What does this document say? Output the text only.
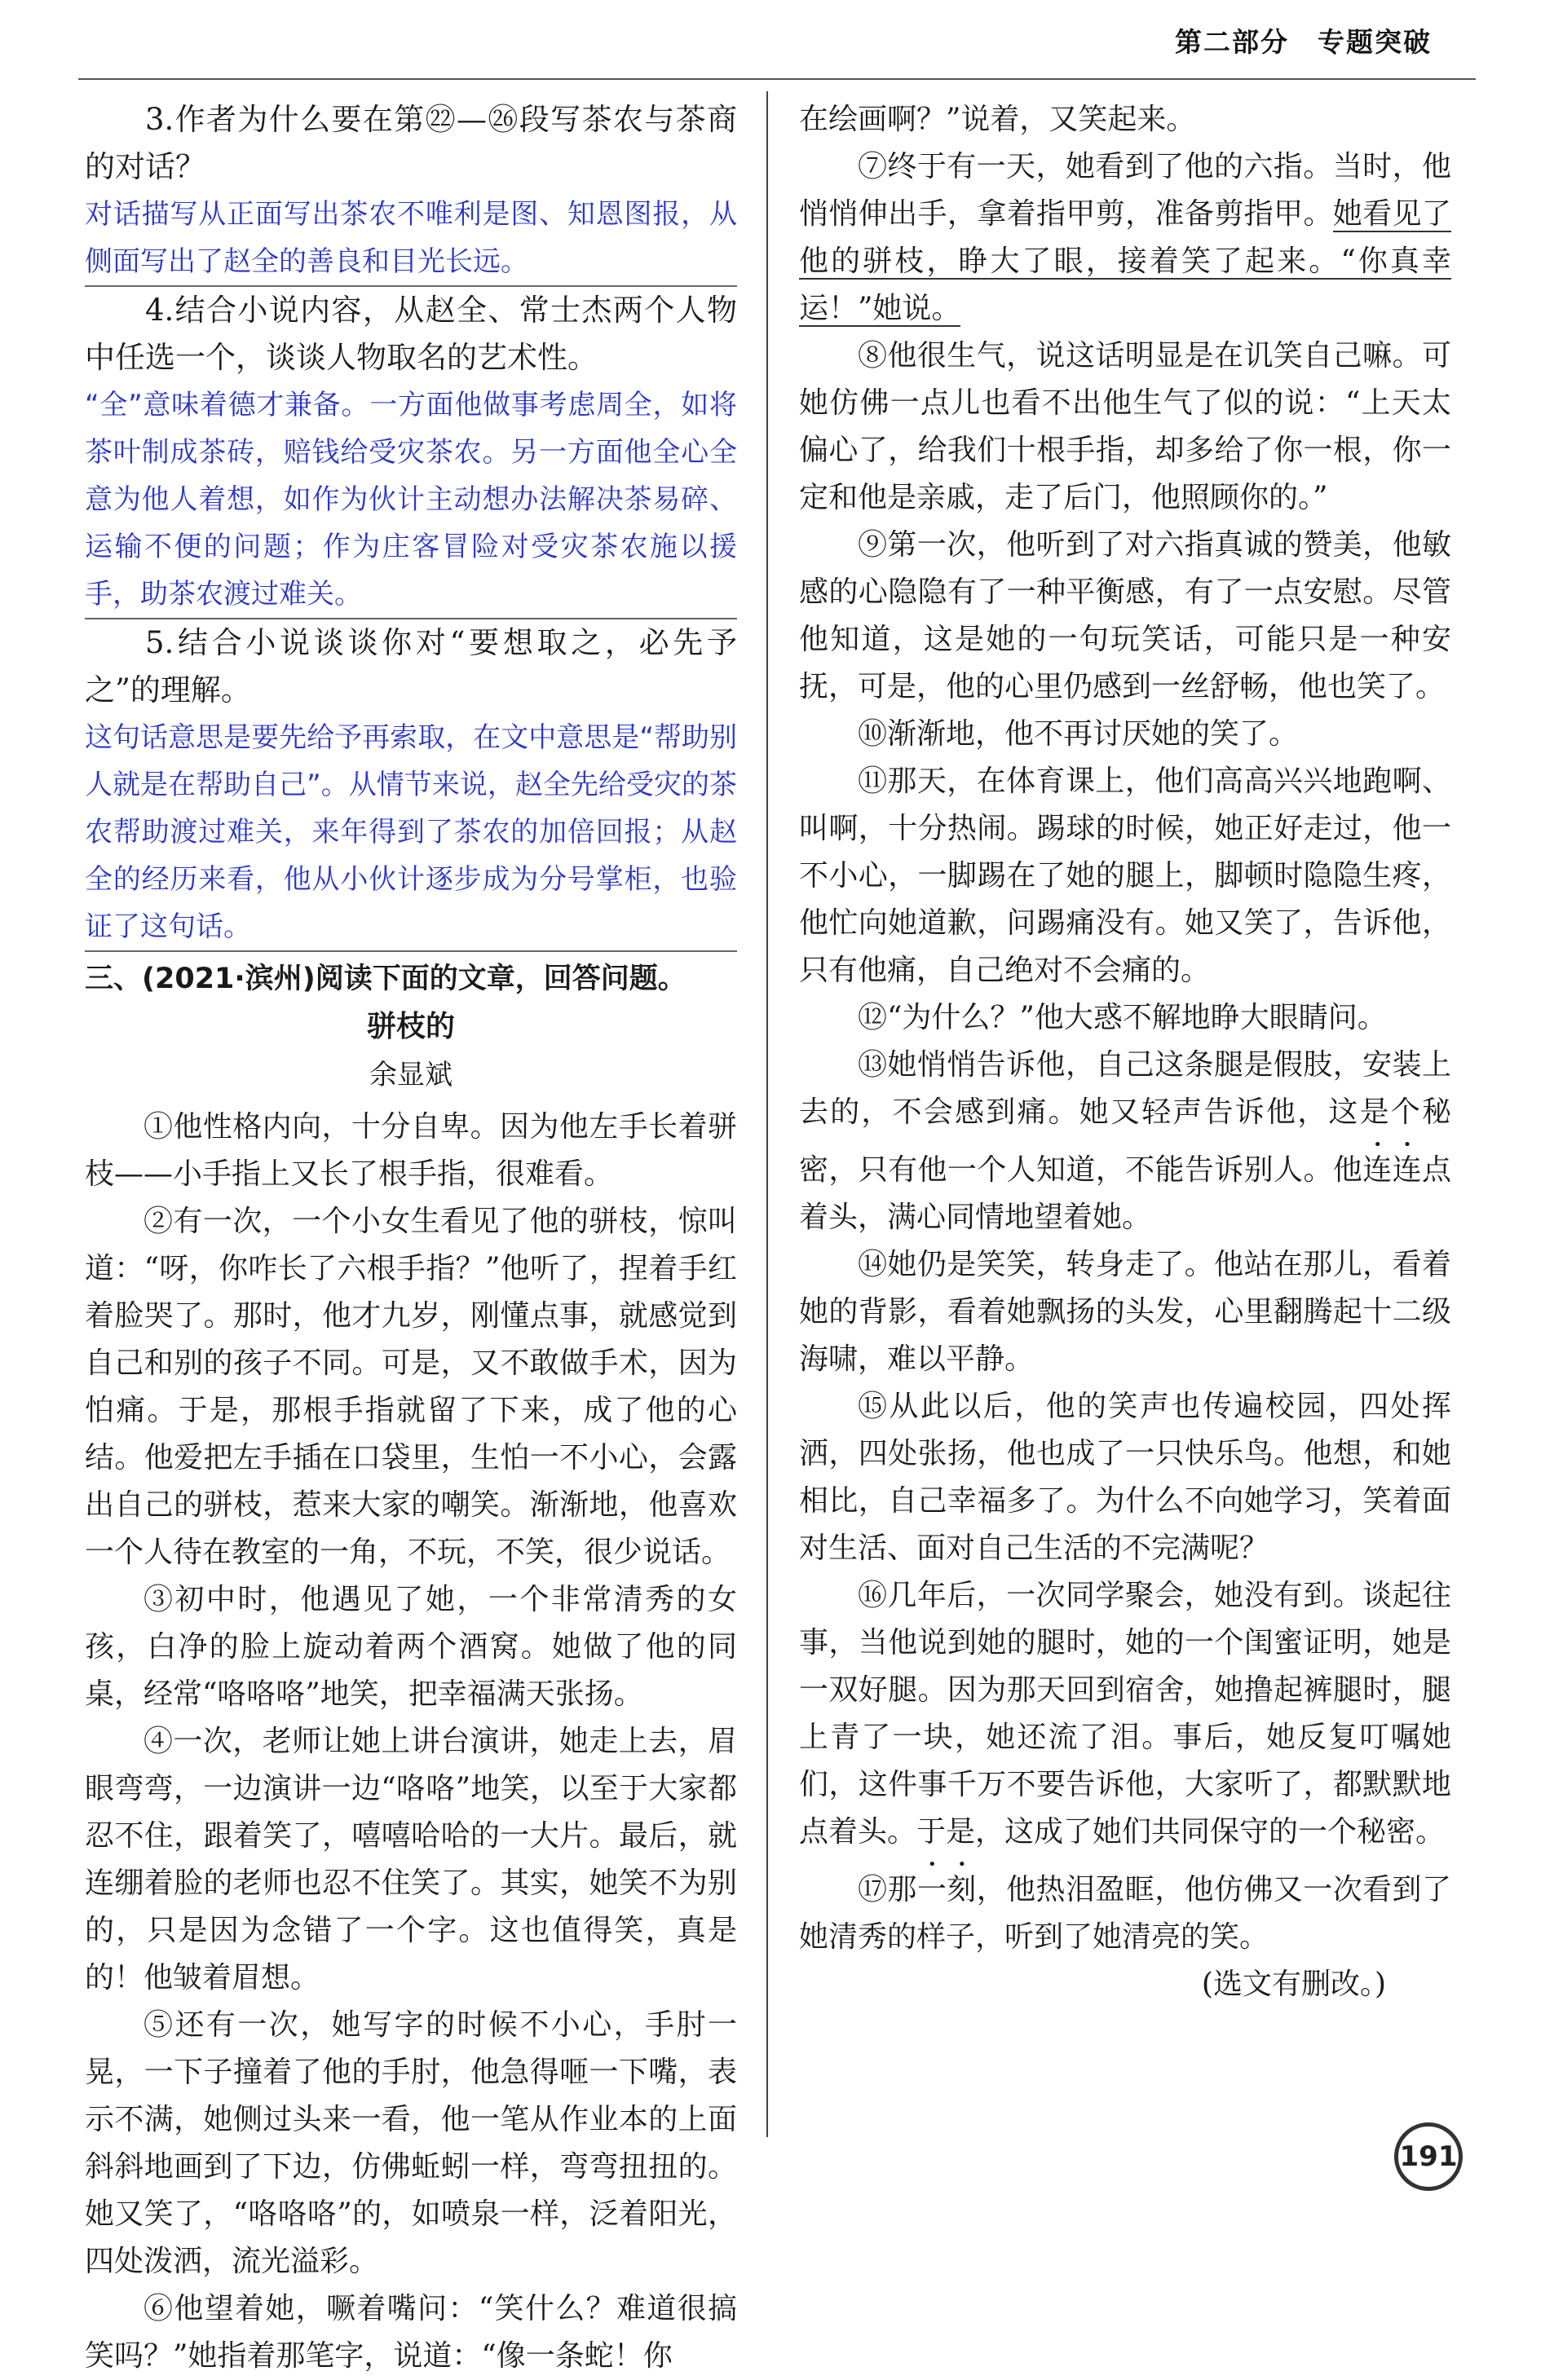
第二部分　专题突破

3.作者为什么要在第㉒—㉖段写茶农与茶商的对话？

对话描写从正面写出茶农不唯利是图、知恩图报，从侧面写出了赵全的善良和目光长远。

4.结合小说内容，从赵全、常士杰两个人物中任选一个，谈谈人物取名的艺术性。

“全”意味着德才兼备。一方面他做事考虑周全，如将茶叶制成茶砖，赔钱给受灾茶农。另一方面他全心全意为他人着想，如作为伙计主动想办法解决茶易碎、运输不便的问题；作为庄客冒险对受灾茶农施以援手，助茶农渡过难关。

5.结合小说谈谈你对“要想取之，必先予之”的理解。

这句话意思是要先给予再索取，在文中意思是“帮助别人就是在帮助自己”。从情节来说，赵全先给受灾的茶农帮助渡过难关，来年得到了茶农的加倍回报；从赵全的经历来看，他从小伙计逐步成为分号掌柜，也验证了这句话。

三、(2021·滨州)阅读下面的文章，回答问题。

骈枝的

余显斌

①他性格内向，十分自卑。因为他左手长着骈枝——小手指上又长了根手指，很难看。

②有一次，一个小女生看见了他的骈枝，惊叫道：“呀，你咋长了六根手指？”他听了，捏着手红着脸哭了。那时，他才九岁，刚懂点事，就感觉到自己和别的孩子不同。可是，又不敢做手术，因为怕痛。于是，那根手指就留了下来，成了他的心结。他爱把左手插在口袋里，生怕一不小心，会露出自己的骈枝，惹来大家的嘲笑。渐渐地，他喜欢一个人待在教室的一角，不玩，不笑，很少说话。

③初中时，他遇见了她，一个非常清秀的女孩，白净的脸上旋动着两个酒窝。她做了他的同桌，经常“咯咯咯”地笑，把幸福满天张扬。

④一次，老师让她上讲台演讲，她走上去，眉眼弯弯，一边演讲一边“咯咯”地笑，以至于大家都忍不住，跟着笑了，嘻嘻哈哈的一大片。最后，就连绷着脸的老师也忍不住笑了。其实，她笑不为别的，只是因为念错了一个字。这也值得笑，真是的！他皱着眉想。

⑤还有一次，她写字的时候不小心，手肘一晃，一下子撞着了他的手肘，他急得咂一下嘴，表示不满，她侧过头来一看，他一笔从作业本的上面斜斜地画到了下边，仿佛蚯蚓一样，弯弯扭扭的。她又笑了，“咯咯咯”的，如喷泉一样，泛着阳光，四处泼洒，流光溢彩。

⑥他望着她，噘着嘴问：“笑什么？难道很搞笑吗？”她指着那笔字，说道：“像一条蛇！你

在绘画啊？”说着，又笑起来。

⑦终于有一天，她看到了他的六指。当时，他悄悄伸出手，拿着指甲剪，准备剪指甲。她看见了他的骈枝，睁大了眼，接着笑了起来。“你真幸运！”她说。

⑧他很生气，说这话明显是在讥笑自己嘛。可她仿佛一点儿也看不出他生气了似的说：“上天太偏心了，给我们十根手指，却多给了你一根，你一定和他是亲戚，走了后门，他照顾你的。”

⑨第一次，他听到了对六指真诚的赞美，他敏感的心隐隐有了一种平衡感，有了一点安慰。尽管他知道，这是她的一句玩笑话，可能只是一种安抚，可是，他的心里仍感到一丝舒畅，他也笑了。

⑩渐渐地，他不再讨厌她的笑了。

⑪那天，在体育课上，他们高高兴兴地跑啊、叫啊，十分热闹。踢球的时候，她正好走过，他一不小心，一脚踢在了她的腿上，脚顿时隐隐生疼，他忙向她道歉，问踢痛没有。她又笑了，告诉他，只有他痛，自己绝对不会痛的。

⑫“为什么？”他大惑不解地睁大眼睛问。

⑬她悄悄告诉他，自己这条腿是假肢，安装上去的，不会感到痛。她又轻声告诉他，这是个秘密，只有他一个人知道，不能告诉别人。他连连点着头，满心同情地望着她。

⑭她仍是笑笑，转身走了。他站在那儿，看着她的背影，看着她飘扬的头发，心里翻腾起十二级海啸，难以平静。

⑮从此以后，他的笑声也传遍校园，四处挥洒，四处张扬，他也成了一只快乐鸟。他想，和她相比，自己幸福多了。为什么不向她学习，笑着面对生活、面对自己生活的不完满呢？

⑯几年后，一次同学聚会，她没有到。谈起往事，当他说到她的腿时，她的一个闺蜜证明，她是一双好腿。因为那天回到宿舍，她撸起裤腿时，腿上青了一块，她还流了泪。事后，她反复叮嘱她们，这件事千万不要告诉他，大家听了，都默默地点着头。于是，这成了她们共同保守的一个秘密。

⑰那一刻，他热泪盈眶，他仿佛又一次看到了她清秀的样子，听到了她清亮的笑。

(选文有删改。)

191
